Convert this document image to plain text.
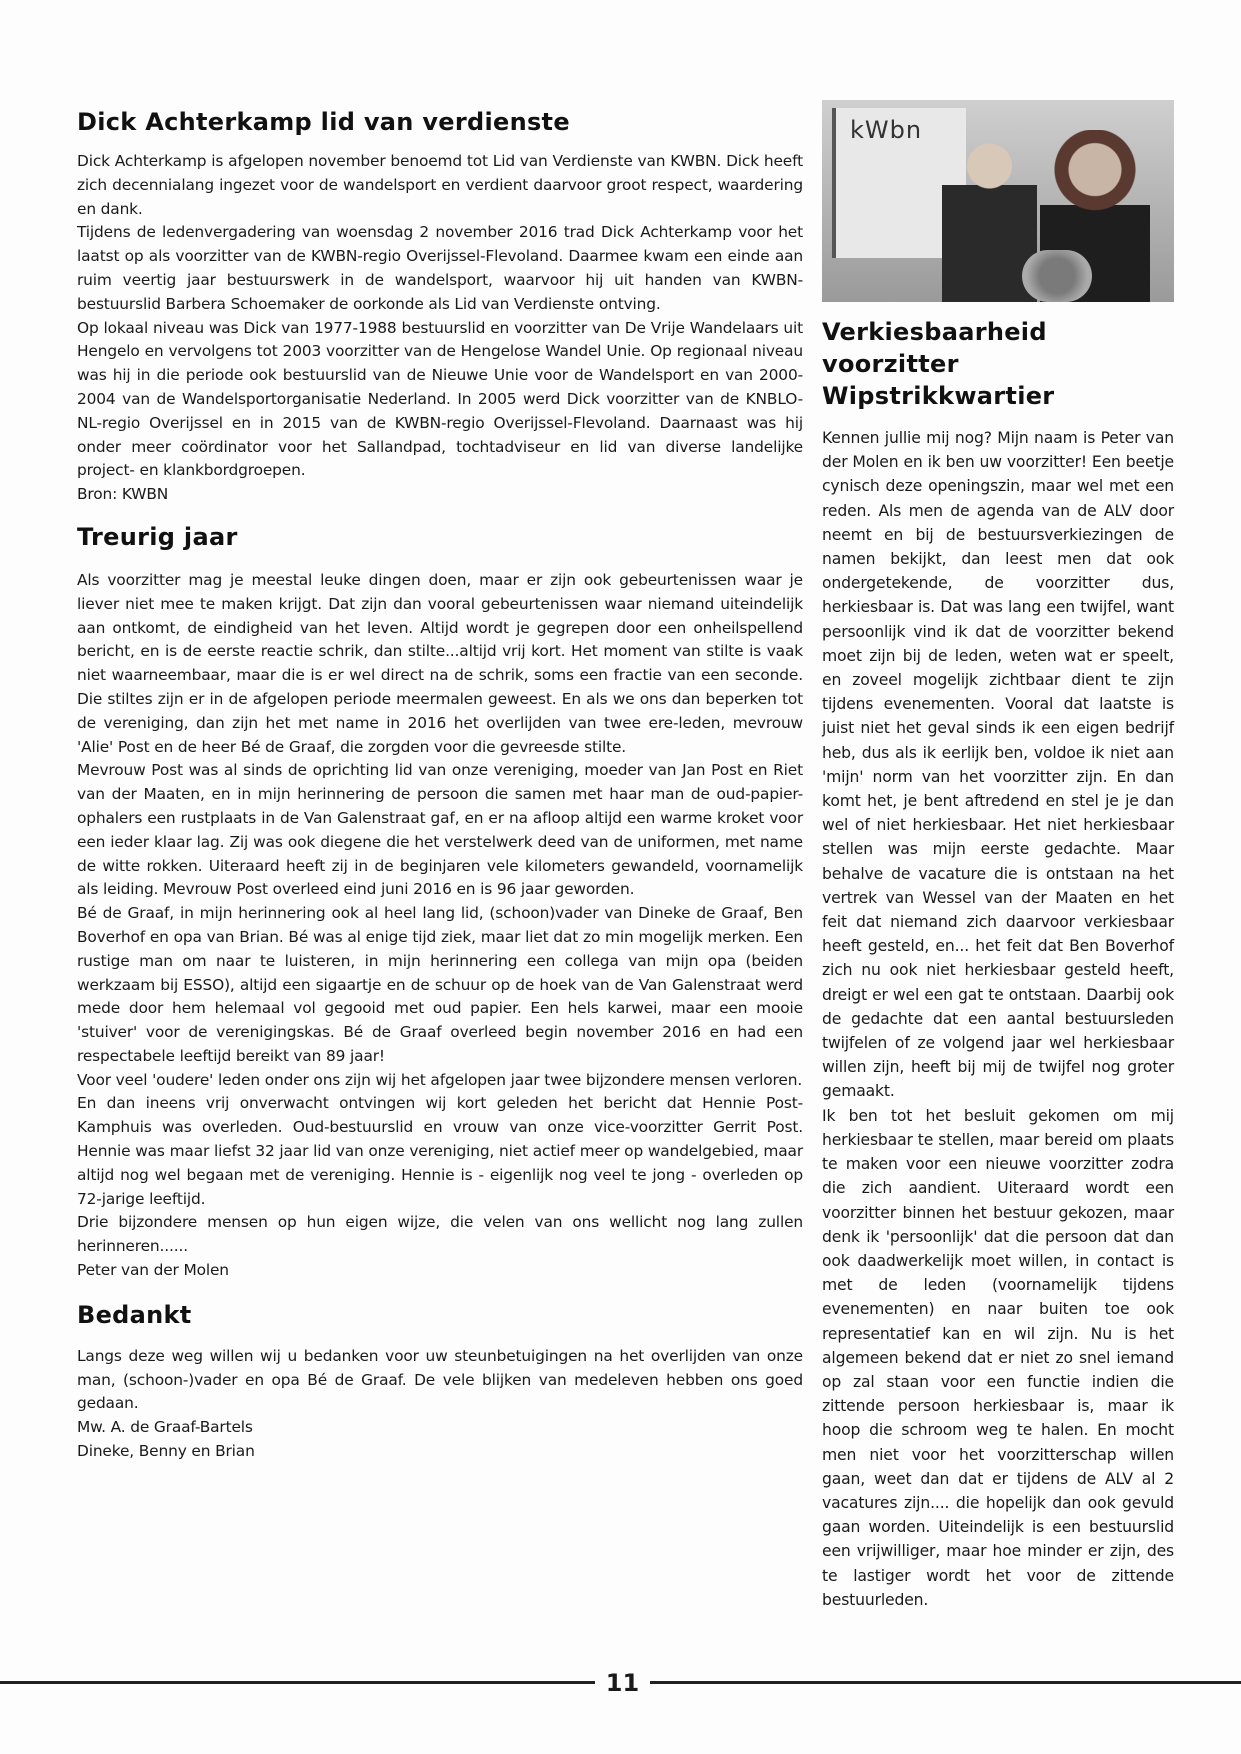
Dick Achterkamp lid van verdienste

Dick Achterkamp is afgelopen november benoemd tot Lid van Verdienste van KWBN. Dick heeft zich decennialang ingezet voor de wandelsport en verdient daarvoor groot respect, waardering en dank.

Tijdens de ledenvergadering van woensdag 2 november 2016 trad Dick Achterkamp voor het laatst op als voorzitter van de KWBN-regio Overijssel-Flevoland. Daarmee kwam een einde aan ruim veertig jaar bestuurswerk in de wandelsport, waarvoor hij uit handen van KWBN-bestuurslid Barbera Schoemaker de oorkonde als Lid van Verdienste ontving.

Op lokaal niveau was Dick van 1977-1988 bestuurslid en voorzitter van De Vrije Wandelaars uit Hengelo en vervolgens tot 2003 voorzitter van de Hengelose Wandel Unie. Op regionaal niveau was hij in die periode ook bestuurslid van de Nieuwe Unie voor de Wandelsport en van 2000-2004 van de Wandelsportorganisatie Nederland. In 2005 werd Dick voorzitter van de KNBLO-NL-regio Overijssel en in 2015 van de KWBN-regio Overijssel-Flevoland. Daarnaast was hij onder meer coördinator voor het Sallandpad, tochtadviseur en lid van diverse landelijke project- en klankbordgroepen.

Bron: KWBN

Treurig jaar

Als voorzitter mag je meestal leuke dingen doen, maar er zijn ook gebeurtenissen waar je liever niet mee te maken krijgt. Dat zijn dan vooral gebeurtenissen waar niemand uiteindelijk aan ontkomt, de eindigheid van het leven. Altijd wordt je gegrepen door een onheilspellend bericht, en is de eerste reactie schrik, dan stilte...altijd vrij kort. Het moment van stilte is vaak niet waarneembaar, maar die is er wel direct na de schrik, soms een fractie van een seconde. Die stiltes zijn er in de afgelopen periode meermalen geweest. En als we ons dan beperken tot de vereniging, dan zijn het met name in 2016 het overlijden van twee ere-leden, mevrouw 'Alie' Post en de heer Bé de Graaf, die zorgden voor die gevreesde stilte.

Mevrouw Post was al sinds de oprichting lid van onze vereniging, moeder van Jan Post en Riet van der Maaten, en in mijn herinnering de persoon die samen met haar man de oud-papier-ophalers een rustplaats in de Van Galenstraat gaf, en er na afloop altijd een warme kroket voor een ieder klaar lag. Zij was ook diegene die het verstelwerk deed van de uniformen, met name de witte rokken. Uiteraard heeft zij in de beginjaren vele kilometers gewandeld, voornamelijk als leiding. Mevrouw Post overleed eind juni 2016 en is 96 jaar geworden.

Bé de Graaf, in mijn herinnering ook al heel lang lid, (schoon)vader van Dineke de Graaf, Ben Boverhof en opa van Brian. Bé was al enige tijd ziek, maar liet dat zo min mogelijk merken. Een rustige man om naar te luisteren, in mijn herinnering een collega van mijn opa (beiden werkzaam bij ESSO), altijd een sigaartje en de schuur op de hoek van de Van Galenstraat werd mede door hem helemaal vol gegooid met oud papier. Een hels karwei, maar een mooie 'stuiver' voor de verenigingskas. Bé de Graaf overleed begin november 2016 en had een respectabele leeftijd bereikt van 89 jaar!

Voor veel 'oudere' leden onder ons zijn wij het afgelopen jaar twee bijzondere mensen verloren.

En dan ineens vrij onverwacht ontvingen wij kort geleden het bericht dat Hennie Post-Kamphuis was overleden. Oud-bestuurslid en vrouw van onze vice-voorzitter Gerrit Post. Hennie was maar liefst 32 jaar lid van onze vereniging, niet actief meer op wandelgebied, maar altijd nog wel begaan met de vereniging. Hennie is - eigenlijk nog veel te jong - overleden op 72-jarige leeftijd.

Drie bijzondere mensen op hun eigen wijze, die velen van ons wellicht nog lang zullen herinneren......

Peter van der Molen

Bedankt

Langs deze weg willen wij u bedanken voor uw steunbetuigingen na het overlijden van onze man, (schoon-)vader en opa Bé de Graaf. De vele blijken van medeleven hebben ons goed gedaan.

Mw. A. de Graaf-Bartels

Dineke, Benny en Brian

kWbn
Verkiesbaarheid voorzitter Wipstrikkwartier

Kennen jullie mij nog? Mijn naam is Peter van der Molen en ik ben uw voorzitter! Een beetje cynisch deze openingszin, maar wel met een reden. Als men de agenda van de ALV door neemt en bij de bestuursverkiezingen de namen bekijkt, dan leest men dat ook ondergetekende, de voorzitter dus, herkiesbaar is. Dat was lang een twijfel, want persoonlijk vind ik dat de voorzitter bekend moet zijn bij de leden, weten wat er speelt, en zoveel mogelijk zichtbaar dient te zijn tijdens evenementen. Vooral dat laatste is juist niet het geval sinds ik een eigen bedrijf heb, dus als ik eerlijk ben, voldoe ik niet aan 'mijn' norm van het voorzitter zijn. En dan komt het, je bent aftredend en stel je je dan wel of niet herkiesbaar. Het niet herkiesbaar stellen was mijn eerste gedachte. Maar behalve de vacature die is ontstaan na het vertrek van Wessel van der Maaten en het feit dat niemand zich daarvoor verkiesbaar heeft gesteld, en... het feit dat Ben Boverhof zich nu ook niet herkiesbaar gesteld heeft, dreigt er wel een gat te ontstaan. Daarbij ook de gedachte dat een aantal bestuursleden twijfelen of ze volgend jaar wel herkiesbaar willen zijn, heeft bij mij de twijfel nog groter gemaakt.

Ik ben tot het besluit gekomen om mij herkiesbaar te stellen, maar bereid om plaats te maken voor een nieuwe voorzitter zodra die zich aandient. Uiteraard wordt een voorzitter binnen het bestuur gekozen, maar denk ik 'persoonlijk' dat die persoon dat dan ook daadwerkelijk moet willen, in contact is met de leden (voornamelijk tijdens evenementen) en naar buiten toe ook representatief kan en wil zijn. Nu is het algemeen bekend dat er niet zo snel iemand op zal staan voor een functie indien die zittende persoon herkiesbaar is, maar ik hoop die schroom weg te halen. En mocht men niet voor het voorzitterschap willen gaan, weet dan dat er tijdens de ALV al 2 vacatures zijn.... die hopelijk dan ook gevuld gaan worden. Uiteindelijk is een bestuurslid een vrijwilliger, maar hoe minder er zijn, des te lastiger wordt het voor de zittende bestuurleden.

11
